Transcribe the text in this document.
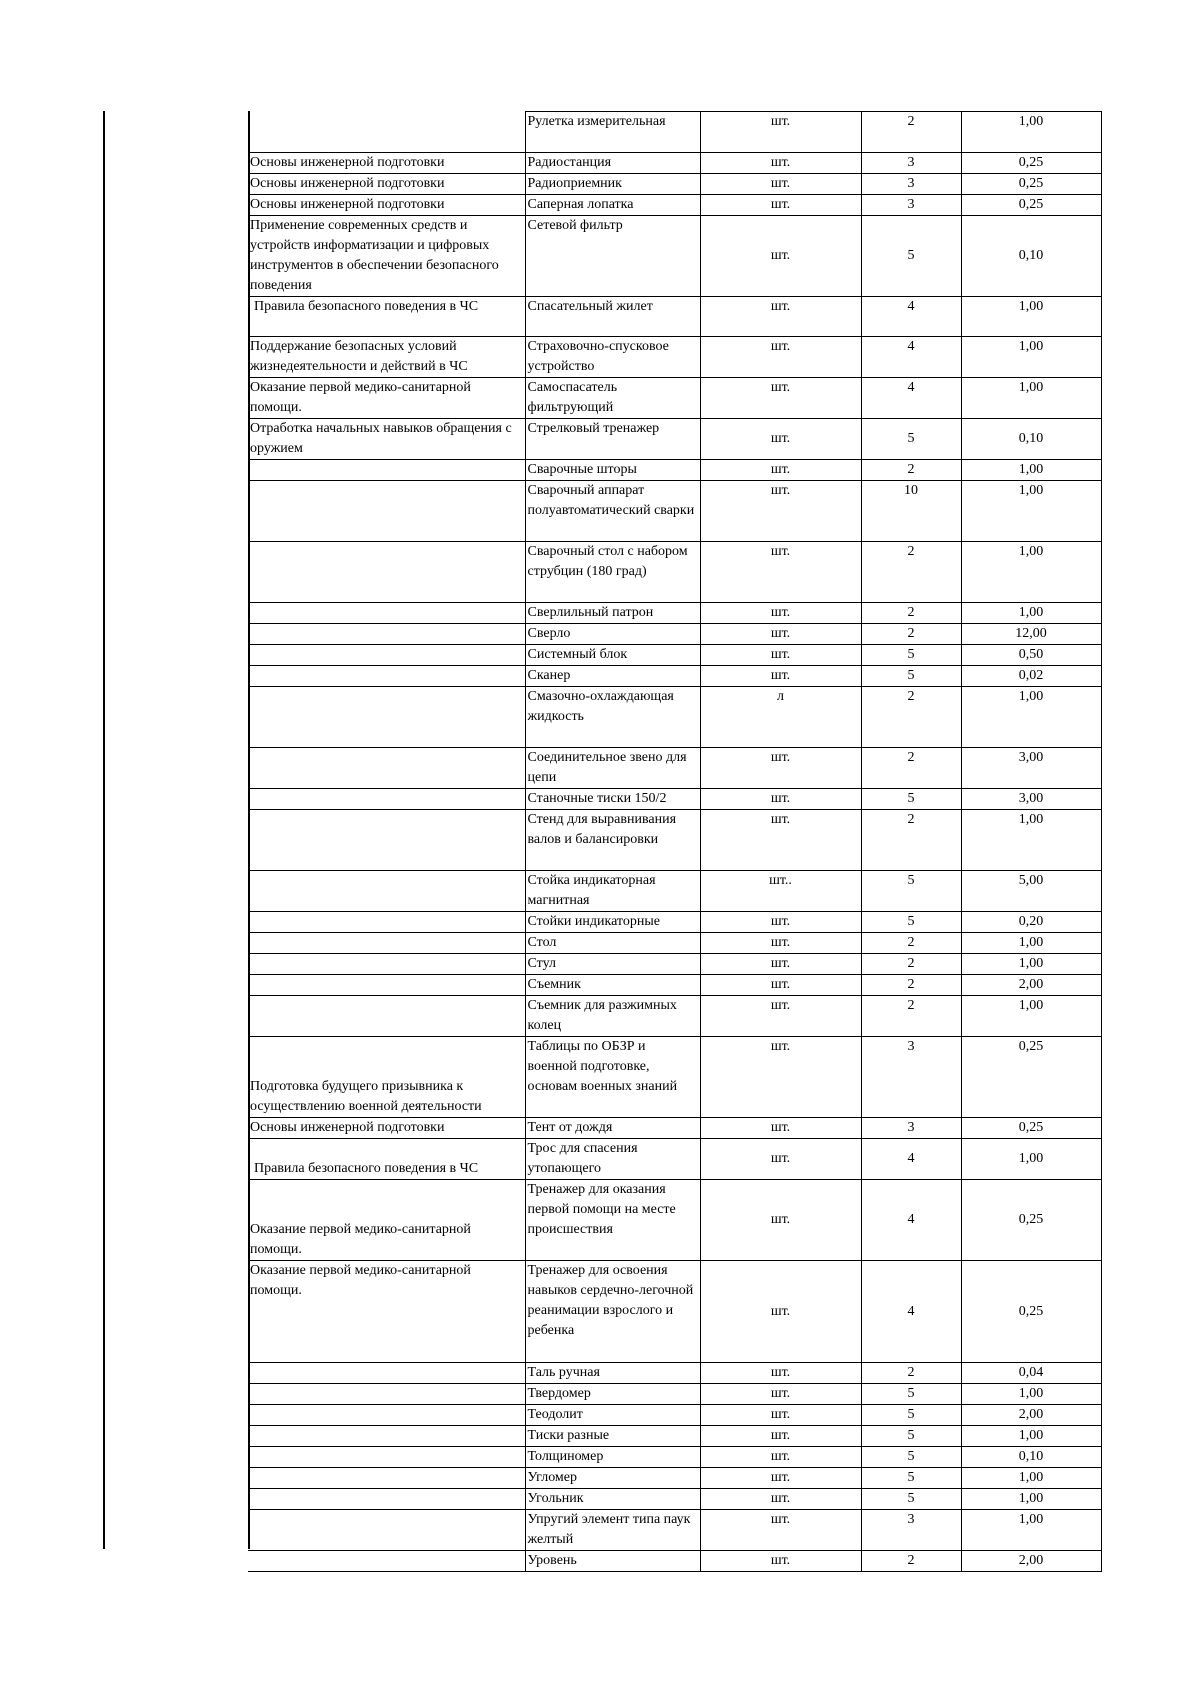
	Рулетка измерительная	шт.	2	1,00
Основы инженерной подготовки	Радиостанция	шт.	3	0,25
Основы инженерной подготовки	Радиоприемник	шт.	3	0,25
Основы инженерной подготовки	Саперная лопатка	шт.	3	0,25
Применение современных средств и устройств информатизации и цифровых инструментов в обеспечении безопасного поведения	Сетевой фильтр	шт.	5	0,10
Правила безопасного поведения в ЧС	Спасательный жилет	шт.	4	1,00
Поддержание безопасных условий жизнедеятельности и действий в ЧС	Страховочно-спусковое устройство	шт.	4	1,00
Оказание первой медико-санитарной помощи.	Самоспасатель фильтрующий	шт.	4	1,00
Отработка начальных навыков обращения с оружием	Стрелковый тренажер	шт.	5	0,10
	Сварочные шторы	шт.	2	1,00
	Сварочный аппарат полуавтоматический сварки	шт.	10	1,00
	Сварочный стол с набором струбцин (180 град)	шт.	2	1,00
	Сверлильный патрон	шт.	2	1,00
	Сверло	шт.	2	12,00
	Системный блок	шт.	5	0,50
	Сканер	шт.	5	0,02
	Смазочно-охлаждающая жидкость	л	2	1,00
	Соединительное звено для цепи	шт.	2	3,00
	Станочные тиски 150/2	шт.	5	3,00
	Стенд для выравнивания валов и балансировки	шт.	2	1,00
	Стойка индикаторная магнитная	шт..	5	5,00
	Стойки индикаторные	шт.	5	0,20
	Стол	шт.	2	1,00
	Стул	шт.	2	1,00
	Съемник	шт.	2	2,00
	Съемник для разжимных колец	шт.	2	1,00
Подготовка будущего призывника к осуществлению военной деятельности	Таблицы по ОБЗР и военной подготовке, основам военных знаний	шт.	3	0,25
Основы инженерной подготовки	Тент от дождя	шт.	3	0,25
Правила безопасного поведения в ЧС	Трос для спасения утопающего	шт.	4	1,00
Оказание первой медико-санитарной помощи.	Тренажер для оказания первой помощи на месте происшествия	шт.	4	0,25
Оказание первой медико-санитарной помощи.	Тренажер для освоения навыков сердечно-легочной реанимации взрослого и ребенка	шт.	4	0,25
	Таль ручная	шт.	2	0,04
	Твердомер	шт.	5	1,00
	Теодолит	шт.	5	2,00
	Тиски разные	шт.	5	1,00
	Толщиномер	шт.	5	0,10
	Угломер	шт.	5	1,00
	Угольник	шт.	5	1,00
	Упругий элемент типа паук желтый	шт.	3	1,00
	Уровень	шт.	2	2,00
